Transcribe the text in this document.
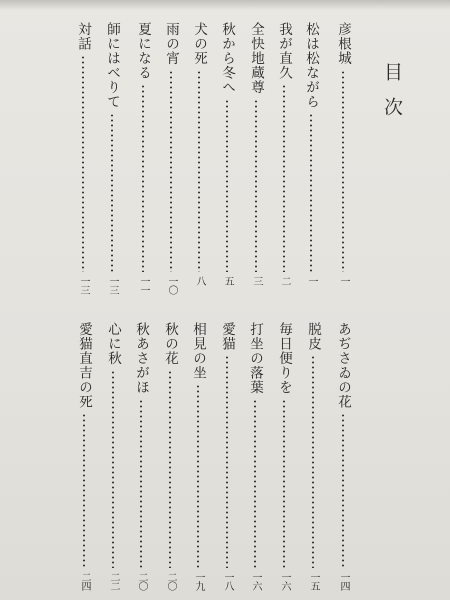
目次
彦根城
一
松は松ながら
一
我が直久
二
全快地蔵尊
三
秋から冬へ
五
犬の死
八
雨の宵
一〇
夏になる
一一
師にはべりて
一三
対話
一三
あぢさゐの花
一四
脱皮
一五
毎日便りを
一六
打坐の落葉
一六
愛猫
一八
相見の坐
一九
秋の花
二〇
秋あさがほ
二〇
心に秋
二二
愛猫直吉の死
二四
